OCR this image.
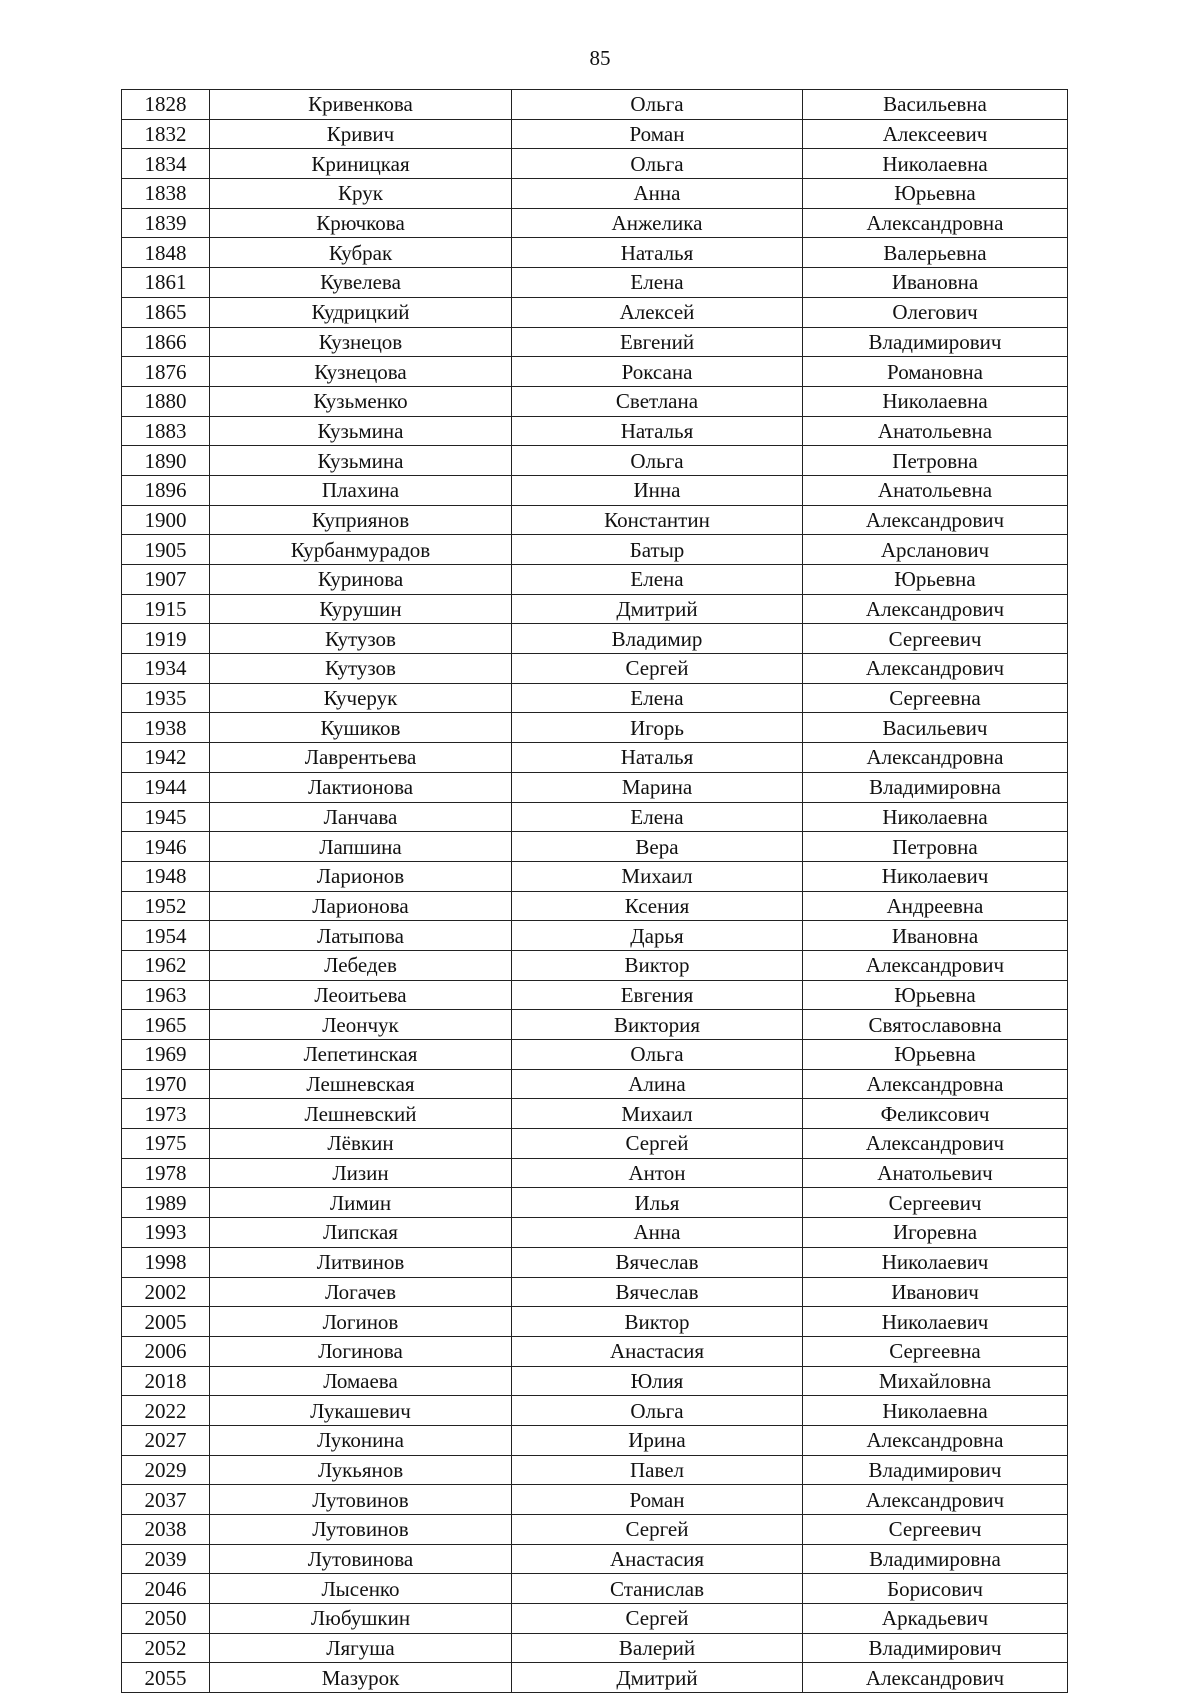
85
1828	Кривенкова	Ольга	Васильевна
1832	Кривич	Роман	Алексеевич
1834	Криницкая	Ольга	Николаевна
1838	Крук	Анна	Юрьевна
1839	Крючкова	Анжелика	Александровна
1848	Кубрак	Наталья	Валерьевна
1861	Кувелева	Елена	Ивановна
1865	Кудрицкий	Алексей	Олегович
1866	Кузнецов	Евгений	Владимирович
1876	Кузнецова	Роксана	Романовна
1880	Кузьменко	Светлана	Николаевна
1883	Кузьмина	Наталья	Анатольевна
1890	Кузьмина	Ольга	Петровна
1896	Плахина	Инна	Анатольевна
1900	Куприянов	Константин	Александрович
1905	Курбанмурадов	Батыр	Арсланович
1907	Куринова	Елена	Юрьевна
1915	Курушин	Дмитрий	Александрович
1919	Кутузов	Владимир	Сергеевич
1934	Кутузов	Сергей	Александрович
1935	Кучерук	Елена	Сергеевна
1938	Кушиков	Игорь	Васильевич
1942	Лаврентьева	Наталья	Александровна
1944	Лактионова	Марина	Владимировна
1945	Ланчава	Елена	Николаевна
1946	Лапшина	Вера	Петровна
1948	Ларионов	Михаил	Николаевич
1952	Ларионова	Ксения	Андреевна
1954	Латыпова	Дарья	Ивановна
1962	Лебедев	Виктор	Александрович
1963	Леоитьева	Евгения	Юрьевна
1965	Леончук	Виктория	Святославовна
1969	Лепетинская	Ольга	Юрьевна
1970	Лешневская	Алина	Александровна
1973	Лешневский	Михаил	Феликсович
1975	Лёвкин	Сергей	Александрович
1978	Лизин	Антон	Анатольевич
1989	Лимин	Илья	Сергеевич
1993	Липская	Анна	Игоревна
1998	Литвинов	Вячеслав	Николаевич
2002	Логачев	Вячеслав	Иванович
2005	Логинов	Виктор	Николаевич
2006	Логинова	Анастасия	Сергеевна
2018	Ломаева	Юлия	Михайловна
2022	Лукашевич	Ольга	Николаевна
2027	Луконина	Ирина	Александровна
2029	Лукьянов	Павел	Владимирович
2037	Лутовинов	Роман	Александрович
2038	Лутовинов	Сергей	Сергеевич
2039	Лутовинова	Анастасия	Владимировна
2046	Лысенко	Станислав	Борисович
2050	Любушкин	Сергей	Аркадьевич
2052	Лягуша	Валерий	Владимирович
2055	Мазурок	Дмитрий	Александрович
